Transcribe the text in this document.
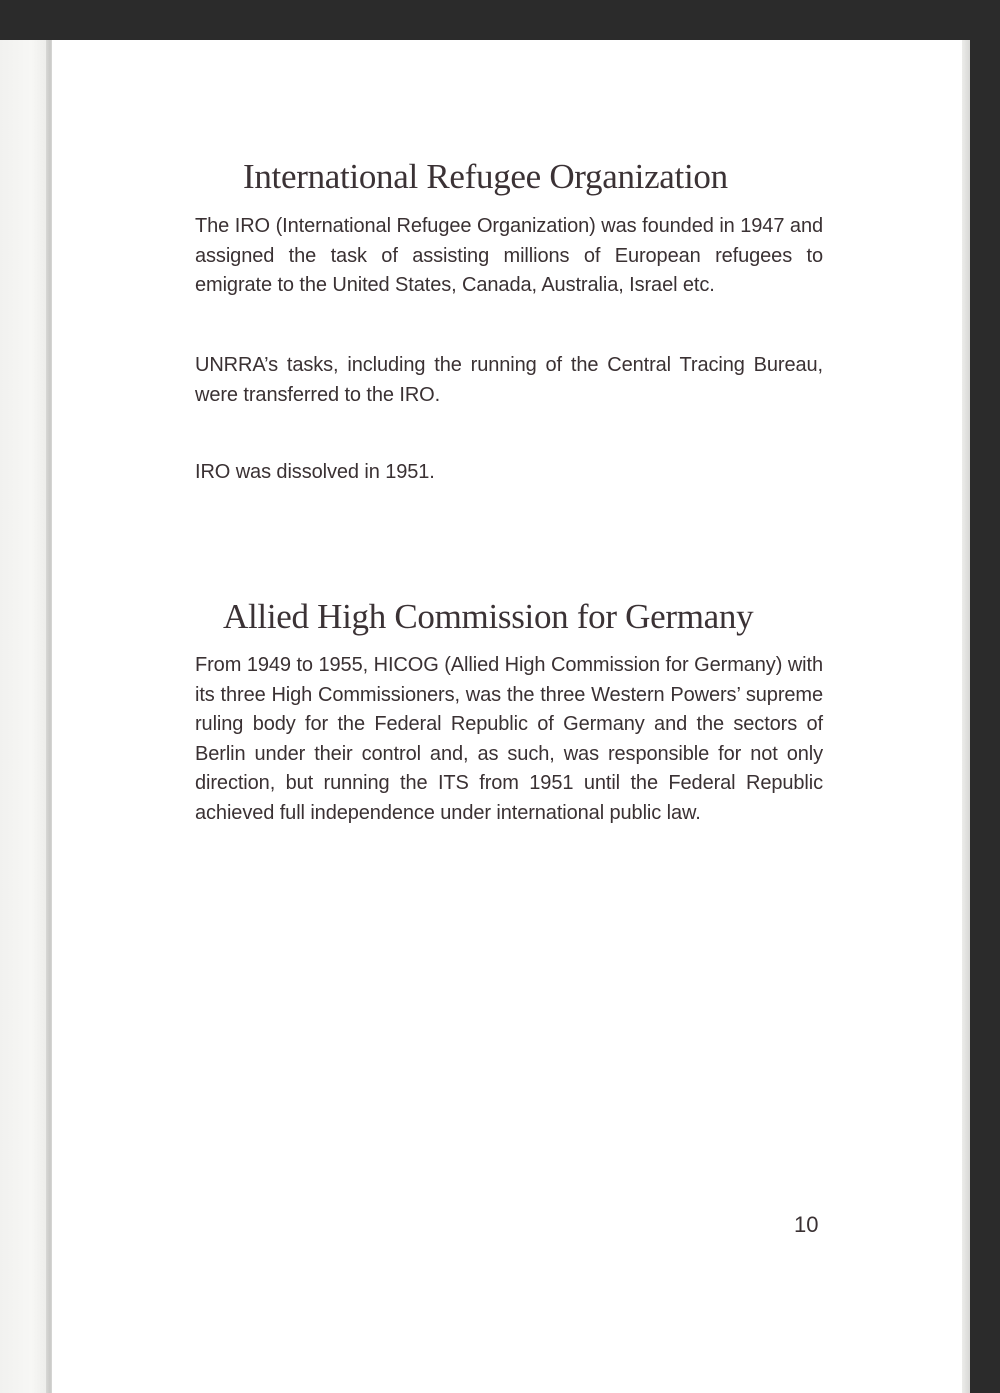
International Refugee Organization

The IRO (International Refugee Organization) was founded in 1947 and assigned the task of assisting millions of European refugees to emigrate to the United States, Canada, Australia, Israel etc.

UNRRA’s tasks, including the running of the Central Tracing Bureau, were transferred to the IRO.

IRO was dissolved in 1951.

Allied High Commission for Germany

From 1949 to 1955, HICOG (Allied High Commission for Germany) with its three High Commissioners, was the three Western Powers’ supreme ruling body for the Federal Republic of Germany and the sectors of Berlin under their control and, as such, was responsible for not only direction, but running the ITS from 1951 until the Federal Republic achieved full independence under international public law.

10
